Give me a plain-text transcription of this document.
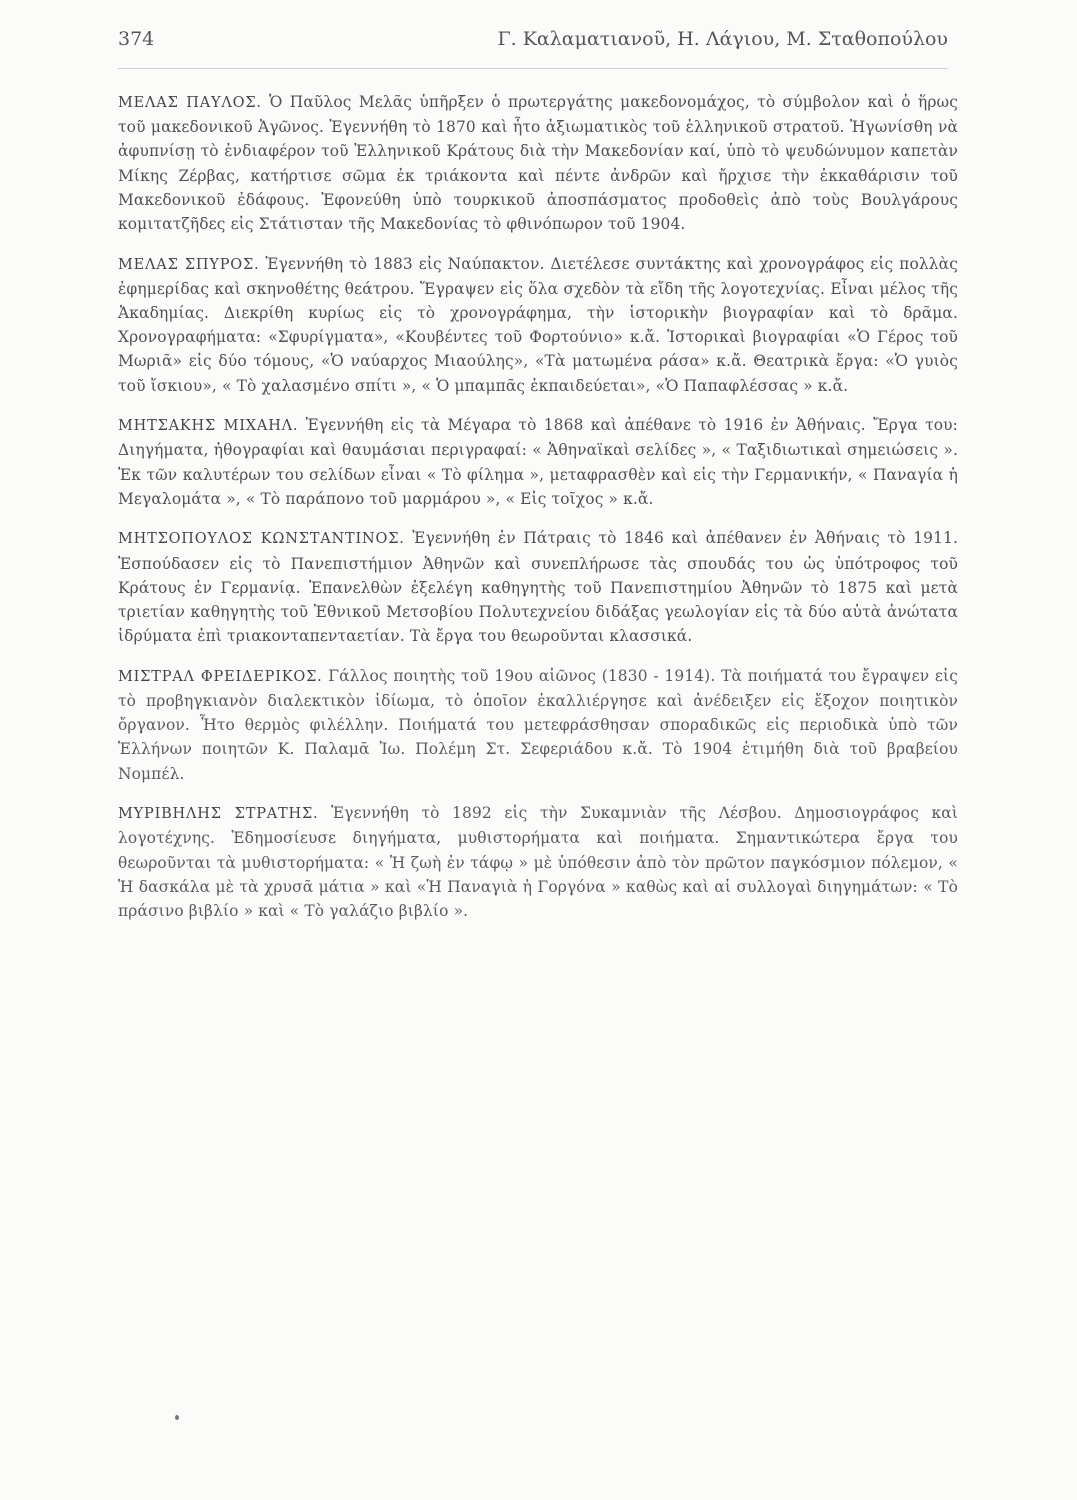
374	Γ. Καλαματιανοῦ, Η. Λάγιου, Μ. Σταθοπούλου

ΜΕΛΑΣ ΠΑΥΛΟΣ. Ὁ Παῦλος Μελᾶς ὑπῆρξεν ὁ πρωτεργάτης μακεδονομάχος, τὸ σύμβολον καὶ ὁ ἥρως τοῦ μακεδονικοῦ Ἀγῶνος. Ἐγεννήθη τὸ 1870 καὶ ἦτο ἀξιωματικὸς τοῦ ἑλληνικοῦ στρατοῦ. Ἠγωνίσθη νὰ ἀφυπνίσῃ τὸ ἐνδιαφέρον τοῦ Ἑλληνικοῦ Κράτους διὰ τὴν Μακεδονίαν καί, ὑπὸ τὸ ψευδώνυμον καπετὰν Μίκης Ζέρβας, κατήρτισε σῶμα ἐκ τριάκοντα καὶ πέντε ἀνδρῶν καὶ ἤρχισε τὴν ἐκκαθάρισιν τοῦ Μακεδονικοῦ ἐδάφους. Ἐφονεύθη ὑπὸ τουρκικοῦ ἀποσπάσματος προδοθεὶς ἀπὸ τοὺς Βουλγάρους κομιτατζῆδες εἰς Στάτισταν τῆς Μακεδονίας τὸ φθινόπωρον τοῦ 1904.

ΜΕΛΑΣ ΣΠΥΡΟΣ. Ἐγεννήθη τὸ 1883 εἰς Ναύπακτον. Διετέλεσε συντάκτης καὶ χρονογράφος εἰς πολλὰς ἐφημερίδας καὶ σκηνοθέτης θεάτρου. Ἔγραψεν εἰς ὅλα σχεδὸν τὰ εἴδη τῆς λογοτεχνίας. Εἶναι μέλος τῆς Ἀκαδημίας. Διεκρίθη κυρίως εἰς τὸ χρονογράφημα, τὴν ἱστορικὴν βιογραφίαν καὶ τὸ δρᾶμα. Χρονογραφήματα: «Σφυρίγματα», «Κουβέντες τοῦ Φορτούνιο» κ.ἄ. Ἱστορικαὶ βιογραφίαι «Ὁ Γέρος τοῦ Μωριᾶ» εἰς δύο τόμους, «Ὁ ναύαρχος Μιαούλης», «Τὰ ματωμένα ράσα» κ.ἄ. Θεατρικὰ ἔργα: «Ὁ γυιὸς τοῦ ἴσκιου», « Τὸ χαλασμένο σπίτι », « Ὁ μπαμπᾶς ἐκπαιδεύεται», «Ὁ Παπαφλέσσας » κ.ἄ.

ΜΗΤΣΑΚΗΣ ΜΙΧΑΗΛ. Ἐγεννήθη εἰς τὰ Μέγαρα τὸ 1868 καὶ ἀπέθανε τὸ 1916 ἐν Ἀθήναις. Ἔργα του: Διηγήματα, ἠθογραφίαι καὶ θαυμάσιαι περιγραφαί: « Ἀθηναϊκαὶ σελίδες », « Ταξιδιωτικαὶ σημειώσεις ». Ἐκ τῶν καλυτέρων του σελίδων εἶναι « Τὸ φίλημα », μεταφρασθὲν καὶ εἰς τὴν Γερμανικήν, « Παναγία ἡ Μεγαλομάτα », « Τὸ παράπονο τοῦ μαρμάρου », « Εἰς τοῖχος » κ.ἄ.

ΜΗΤΣΟΠΟΥΛΟΣ ΚΩΝΣΤΑΝΤΙΝΟΣ. Ἐγεννήθη ἐν Πάτραις τὸ 1846 καὶ ἀπέθανεν ἐν Ἀθήναις τὸ 1911. Ἐσπούδασεν εἰς τὸ Πανεπιστήμιον Ἀθηνῶν καὶ συνεπλήρωσε τὰς σπουδάς του ὡς ὑπότροφος τοῦ Κράτους ἐν Γερμανίᾳ. Ἐπανελθὼν ἐξελέγη καθηγητὴς τοῦ Πανεπιστημίου Ἀθηνῶν τὸ 1875 καὶ μετὰ τριετίαν καθηγητὴς τοῦ Ἐθνικοῦ Μετσοβίου Πολυτεχνείου διδάξας γεωλογίαν εἰς τὰ δύο αὐτὰ ἀνώτατα ἱδρύματα ἐπὶ τριακονταπενταετίαν. Τὰ ἔργα του θεωροῦνται κλασσικά.

ΜΙΣΤΡΑΛ ΦΡΕΙΔΕΡΙΚΟΣ. Γάλλος ποιητὴς τοῦ 19ου αἰῶνος (1830 - 1914). Τὰ ποιήματά του ἔγραψεν εἰς τὸ προβηγκιανὸν διαλεκτικὸν ἰδίωμα, τὸ ὁποῖον ἐκαλλιέργησε καὶ ἀνέδειξεν εἰς ἔξοχον ποιητικὸν ὄργανον. Ἦτο θερμὸς φιλέλλην. Ποιήματά του μετεφράσθησαν σποραδικῶς εἰς περιοδικὰ ὑπὸ τῶν Ἑλλήνων ποιητῶν Κ. Παλαμᾶ Ἰω. Πολέμη Στ. Σεφεριάδου κ.ἄ. Τὸ 1904 ἐτιμήθη διὰ τοῦ βραβείου Νομπέλ.

ΜΥΡΙΒΗΛΗΣ ΣΤΡΑΤΗΣ. Ἐγεννήθη τὸ 1892 εἰς τὴν Συκαμνιὰν τῆς Λέσβου. Δημοσιογράφος καὶ λογοτέχνης. Ἐδημοσίευσε διηγήματα, μυθιστορήματα καὶ ποιήματα. Σημαντικώτερα ἔργα του θεωροῦνται τὰ μυθιστορήματα: « Ἡ ζωὴ ἐν τάφῳ » μὲ ὑπόθεσιν ἀπὸ τὸν πρῶτον παγκόσμιον πόλεμον, « Ἡ δασκάλα μὲ τὰ χρυσᾶ μάτια » καὶ «Ἡ Παναγιὰ ἡ Γοργόνα » καθὼς καὶ αἱ συλλογαὶ διηγημάτων: « Τὸ πράσινο βιβλίο » καὶ « Τὸ γαλάζιο βιβλίο ».
